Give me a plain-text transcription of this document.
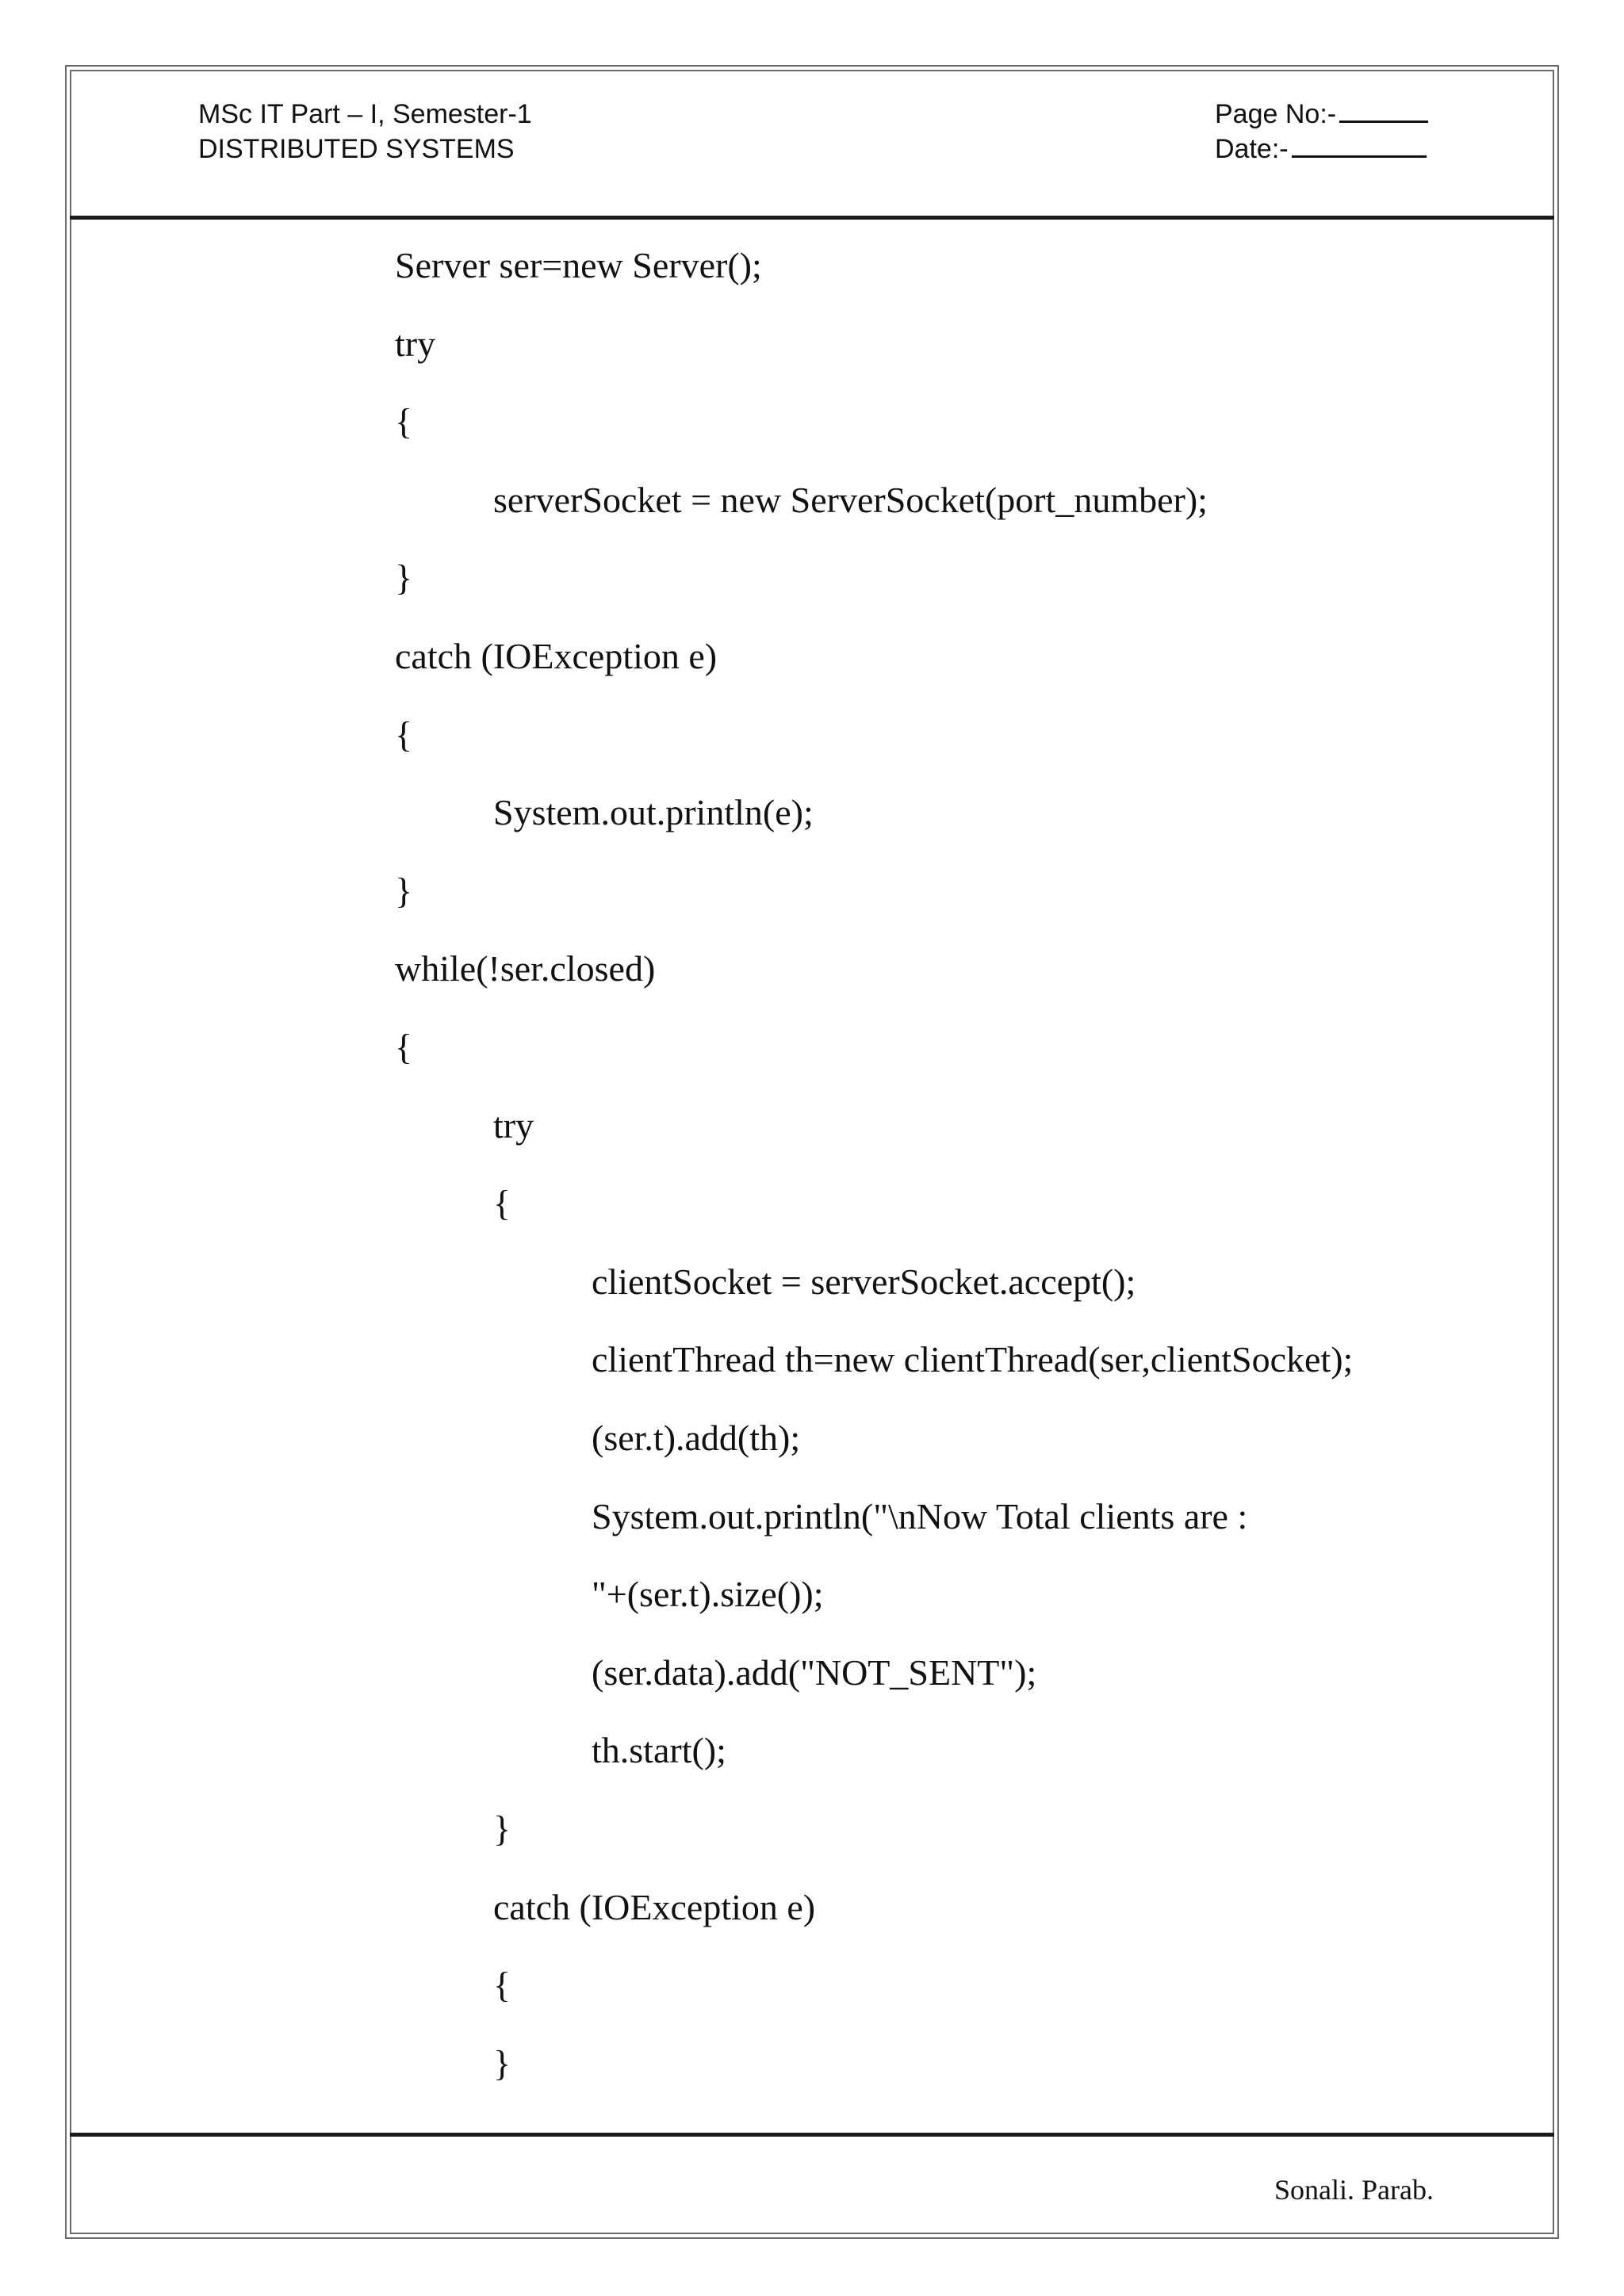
MSc IT Part – I, Semester-1
DISTRIBUTED SYSTEMS
Page No:-
Date:-
Server ser=new Server();
try
{
serverSocket = new ServerSocket(port_number);
}
catch (IOException e)
{
System.out.println(e);
}
while(!ser.closed)
{
try
{
clientSocket = serverSocket.accept();
clientThread th=new clientThread(ser,clientSocket);
(ser.t).add(th);
System.out.println("\nNow Total clients are :
"+(ser.t).size());
(ser.data).add("NOT_SENT");
th.start();
}
catch (IOException e)
{
}
Sonali. Parab.
